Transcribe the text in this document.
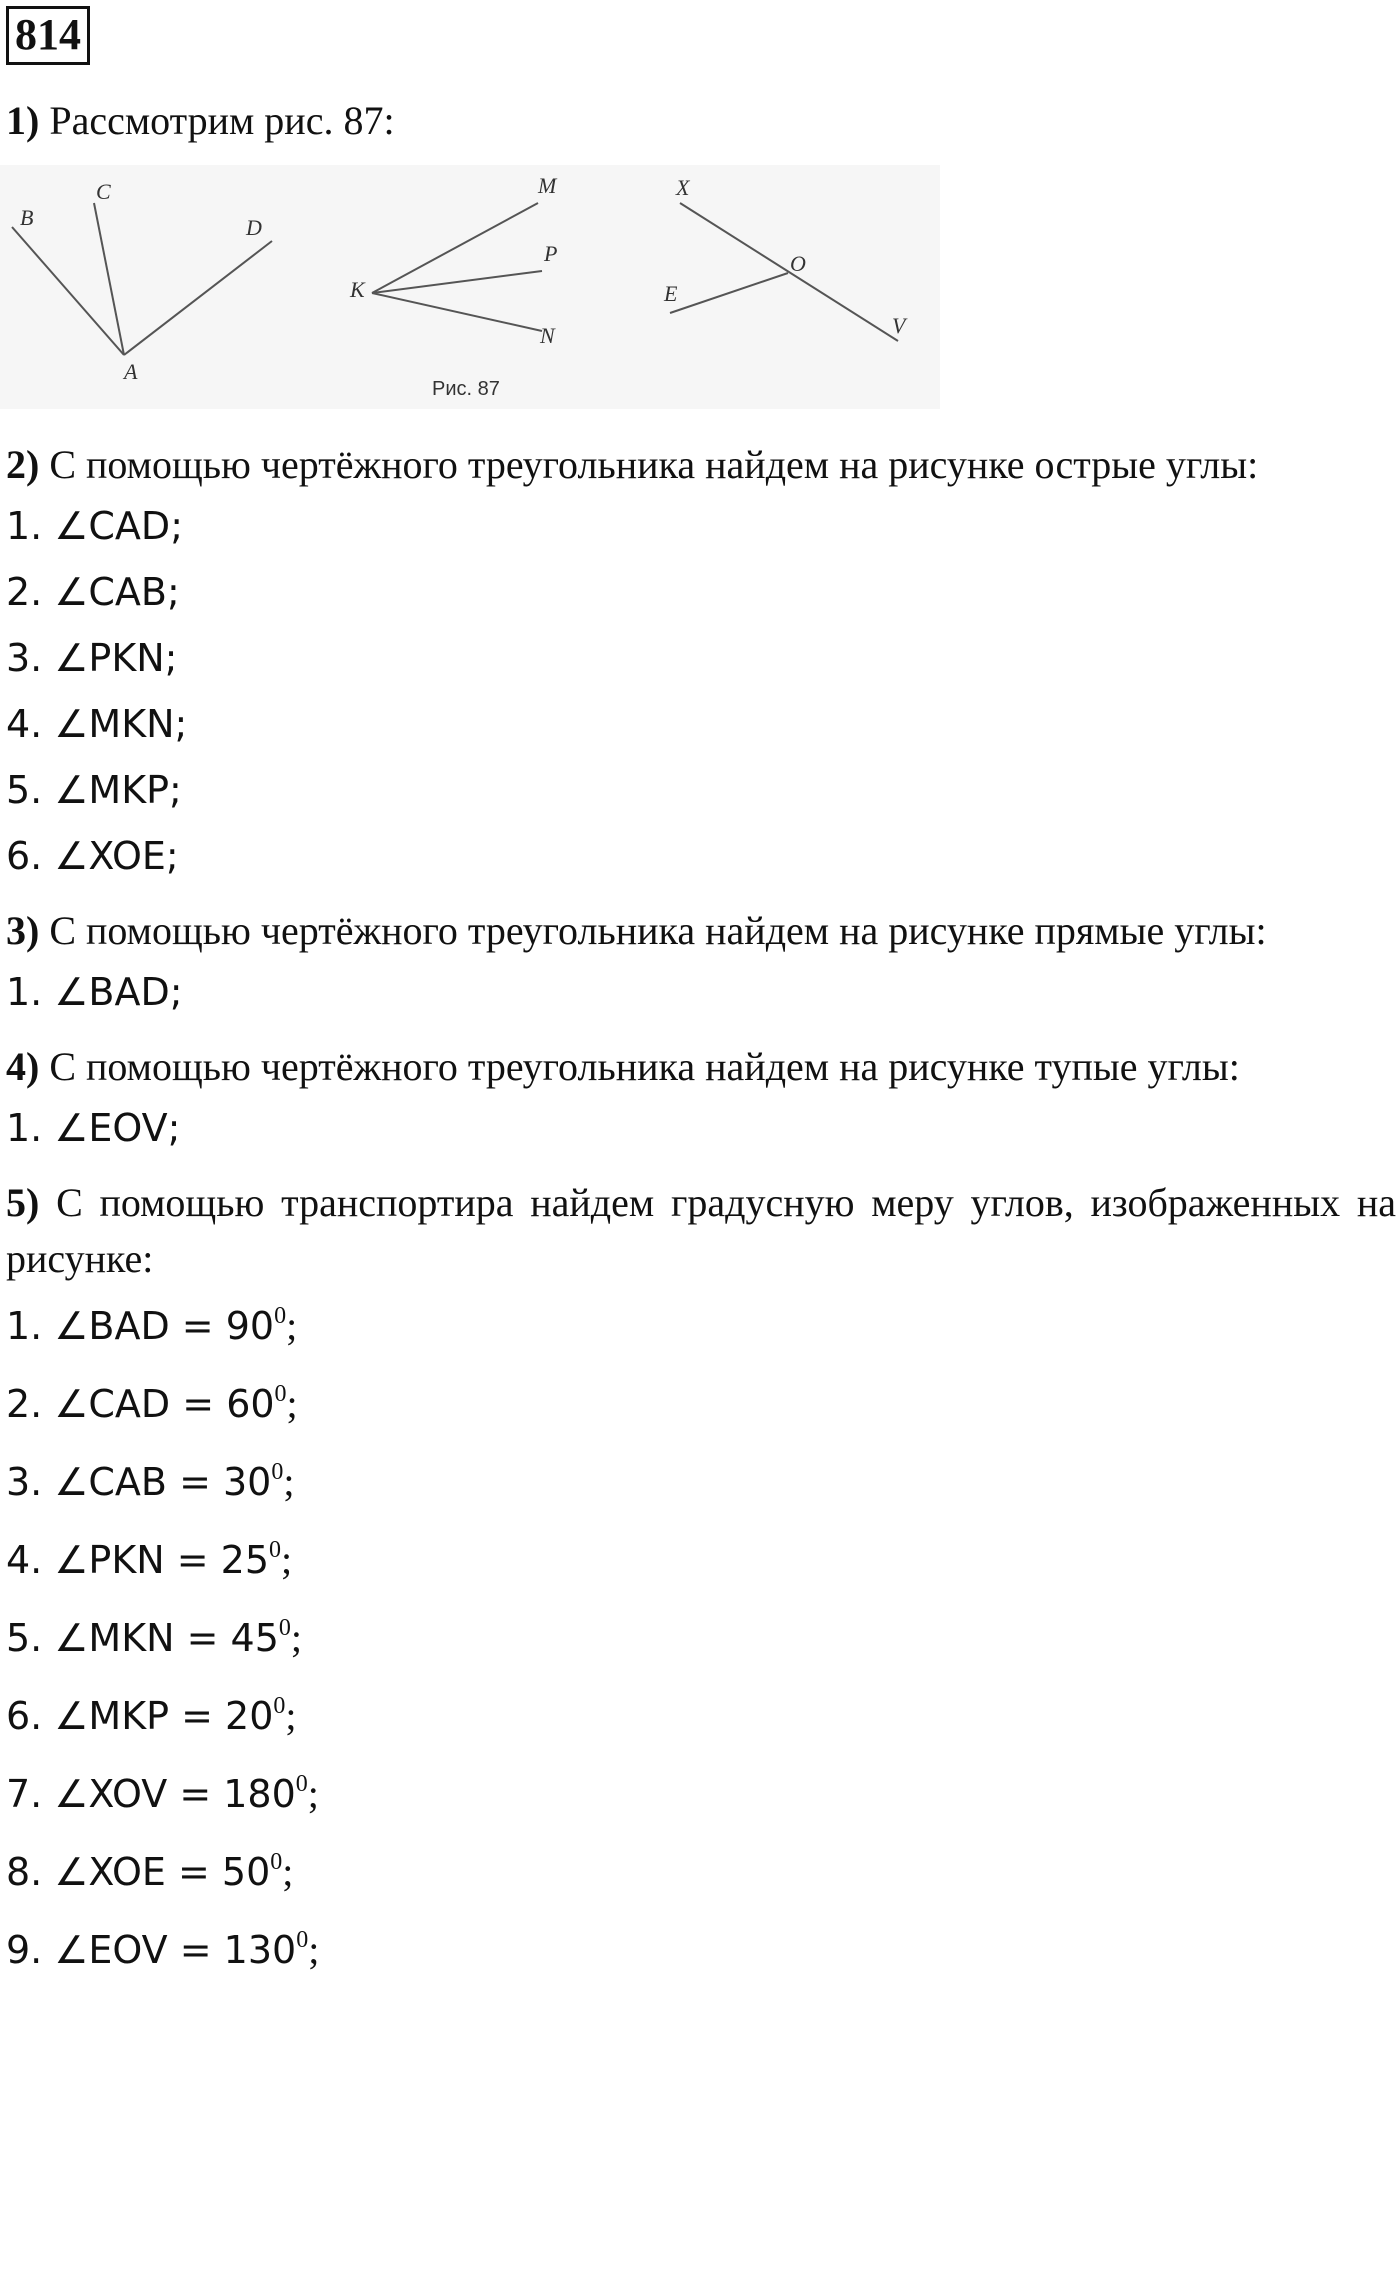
814

1) Рассмотрим рис. 87:

B
C
D
A
M
P
K
N
X
O
E
V
Рис. 87

2) С помощью чертёжного треугольника найдем на рисунке острые углы:

1. ∠CAD;
2. ∠CAB;
3. ∠PKN;
4. ∠MKN;
5. ∠MKP;
6. ∠XOE;

3) С помощью чертёжного треугольника найдем на рисунке прямые углы:

1. ∠BAD;

4) С помощью чертёжного треугольника найдем на рисунке тупые углы:

1. ∠EOV;

5) С помощью транспортира найдем градусную меру углов, изображенных на рисунке:

1. ∠BAD = $90^0$;
2. ∠CAD = $60^0$;
3. ∠CAB = $30^0$;
4. ∠PKN = $25^0$;
5. ∠MKN = $45^0$;
6. ∠MKP = $20^0$;
7. ∠XOV = $180^0$;
8. ∠XOE = $50^0$;
9. ∠EOV = $130^0$;
